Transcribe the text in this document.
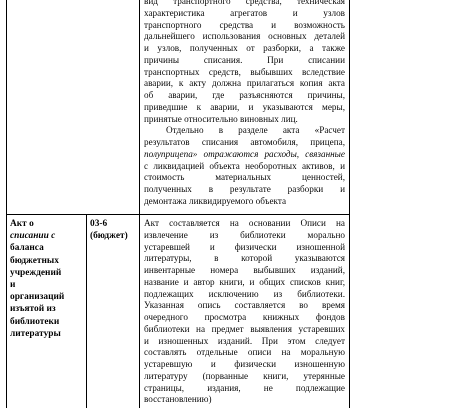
вид транспортного средства, техническая
характеристика агрегатов и узлов
транспортного средства и возможность
дальнейшего использования основных деталей
и узлов, полученных от разборки, а также
причины списания. При списании
транспортных средств, выбывших вследствие
аварии, к акту должна прилагаться копия акта
об аварии, где разъясняются причины,
приведшие к аварии, и указываются меры,
принятые относительно виновных лиц.
Отдельно в разделе акта «Расчет
результатов списания автомобиля, прицепа,
полуприцепа» отражаются расходы, связанные
с ликвидацией объекта необоротных активов, и
стоимость материальных ценностей,
полученных в результате разборки и
демонтажа ликвидируемого объекта
Акт о
списании с
баланса
бюджетных
учреждений
и
организаций
изъятой из
библиотеки
литературы
03-6
(бюджет)
Акт составляется на основании Описи на
извлечение из библиотеки морально
устаревшей и физически изношенной
литературы, в которой указываются
инвентарные номера выбывших изданий,
название и автор книги, и общих списков книг,
подлежащих исключению из библиотеки.
Указанная опись составляется во время
очередного просмотра книжных фондов
библиотеки на предмет выявления устаревших
и изношенных изданий. При этом следует
составлять отдельные описи на моральную
устаревшую и физически изношенную
литературу (порванные книги, утерянные
страницы, издания, не подлежащие
восстановлению)
